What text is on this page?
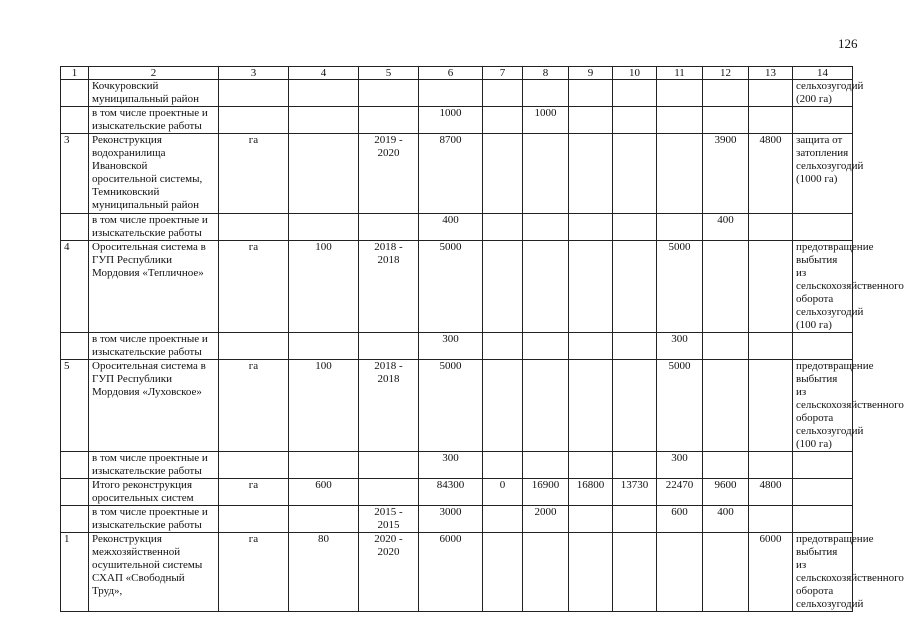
126
1	2	3	4	5	6	7	8	9	10	11	12	13	14
	Кочкуровский муниципальный район												сельхозугодий (200 га)
	в том числе проектные и изыскательские работы				1000		1000						
3	Реконструкция водохранилища Ивановской оросительной системы, Темниковский муниципальный район	га		2019 - 2020	8700						3900	4800	защита от затопления сельхозугодий (1000 га)
	в том числе проектные и изыскательские работы				400						400		
4	Оросительная система в ГУП Республики Мордовия «Тепличное»	га	100	2018 - 2018	5000					5000			предотвращение выбытия из сельскохозяйственного оборота сельхозугодий (100 га)
	в том числе проектные и изыскательские работы				300					300			
5	Оросительная система в ГУП Республики Мордовия «Луховское»	га	100	2018 - 2018	5000					5000			предотвращение выбытия из сельскохозяйственного оборота сельхозугодий (100 га)
	в том числе проектные и изыскательские работы				300					300			
	Итого реконструкция оросительных систем	га	600		84300	0	16900	16800	13730	22470	9600	4800	
	в том числе проектные и изыскательские работы			2015 - 2015	3000		2000			600	400		
1	Реконструкция межхозяйственной осушительной системы СХАП «Свободный Труд»,	га	80	2020 - 2020	6000							6000	предотвращение выбытия из сельскохозяйственного оборота сельхозугодий
